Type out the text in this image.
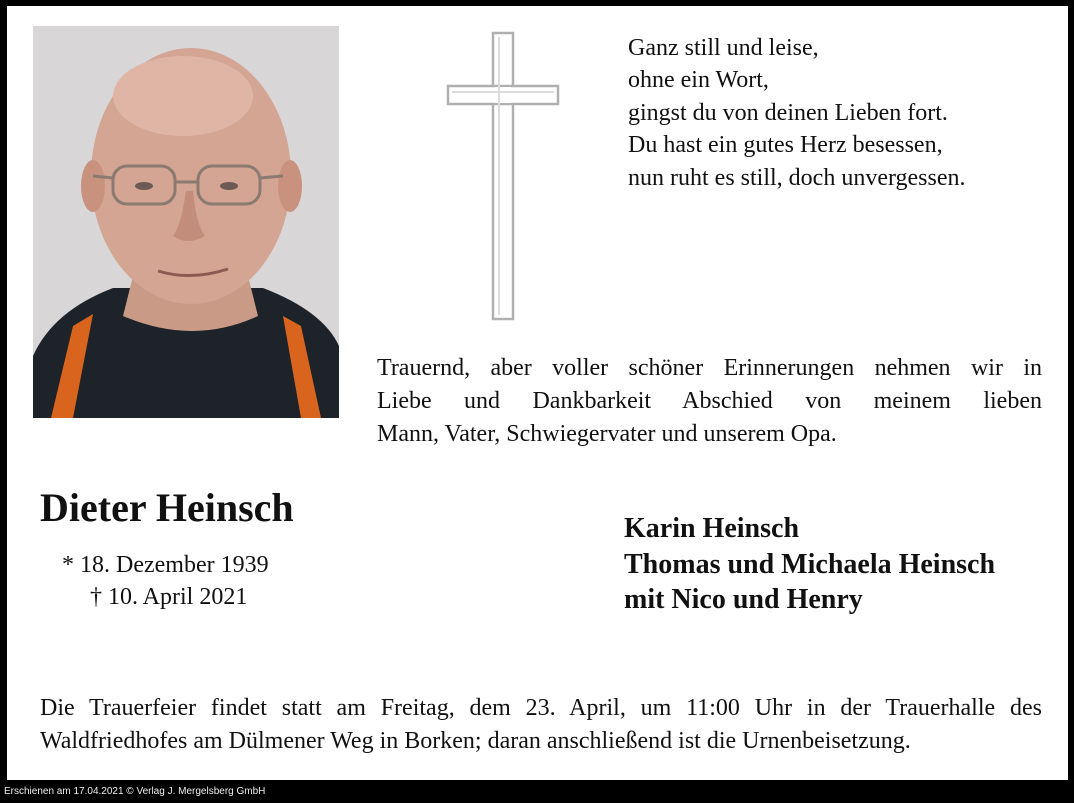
Ganz still und leise,
ohne ein Wort,
gingst du von deinen Lieben fort.
Du hast ein gutes Herz besessen,
nun ruht es still, doch unvergessen.
Trauernd, aber voller schöner Erinnerungen nehmen wir in
Liebe und Dankbarkeit Abschied von meinem lieben
Mann, Vater, Schwiegervater und unserem Opa.
Dieter Heinsch
* 18. Dezember 1939
† 10. April 2021
Karin Heinsch
Thomas und Michaela Heinsch
mit Nico und Henry
Die Trauerfeier findet statt am Freitag, dem 23. April, um 11:00 Uhr in der Trauerhalle des
Waldfriedhofes am Dülmener Weg in Borken; daran anschließend ist die Urnenbeisetzung.
Erschienen am 17.04.2021 © Verlag J. Mergelsberg GmbH
